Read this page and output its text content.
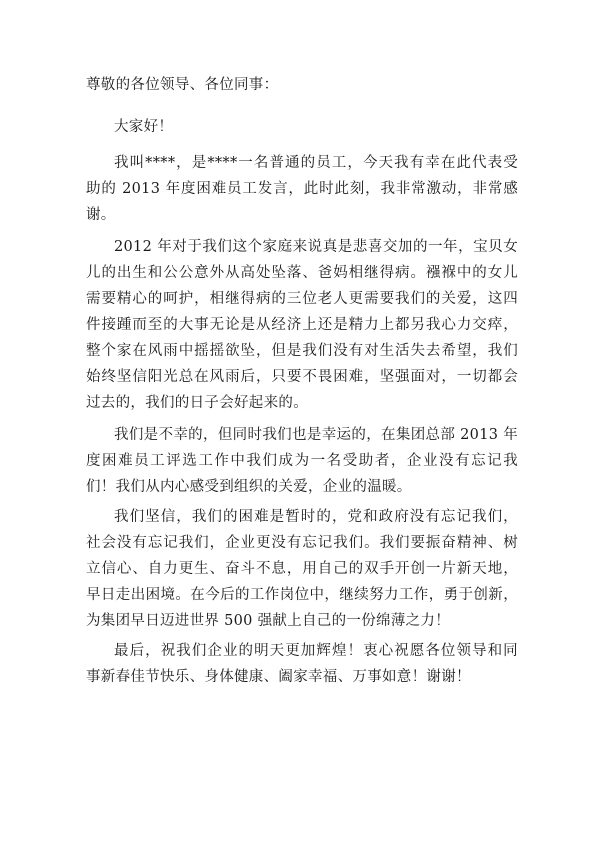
尊敬的各位领导、各位同事：

大家好！

我叫****，是****一名普通的员工，今天我有幸在此代表受
助的 2013 年度困难员工发言，此时此刻，我非常激动，非常感
谢。

2012 年对于我们这个家庭来说真是悲喜交加的一年，宝贝女
儿的出生和公公意外从高处坠落、爸妈相继得病。襁褓中的女儿
需要精心的呵护，相继得病的三位老人更需要我们的关爱，这四
件接踵而至的大事无论是从经济上还是精力上都另我心力交瘁，
整个家在风雨中摇摇欲坠，但是我们没有对生活失去希望，我们
始终坚信阳光总在风雨后，只要不畏困难，坚强面对，一切都会
过去的，我们的日子会好起来的。

我们是不幸的，但同时我们也是幸运的，在集团总部 2013 年
度困难员工评选工作中我们成为一名受助者，企业没有忘记我
们！我们从内心感受到组织的关爱，企业的温暖。

我们坚信，我们的困难是暂时的，党和政府没有忘记我们，
社会没有忘记我们，企业更没有忘记我们。我们要振奋精神、树
立信心、自力更生、奋斗不息，用自己的双手开创一片新天地，
早日走出困境。在今后的工作岗位中，继续努力工作，勇于创新，
为集团早日迈进世界 500 强献上自己的一份绵薄之力！

最后，祝我们企业的明天更加辉煌！衷心祝愿各位领导和同
事新春佳节快乐、身体健康、阖家幸福、万事如意！谢谢！
